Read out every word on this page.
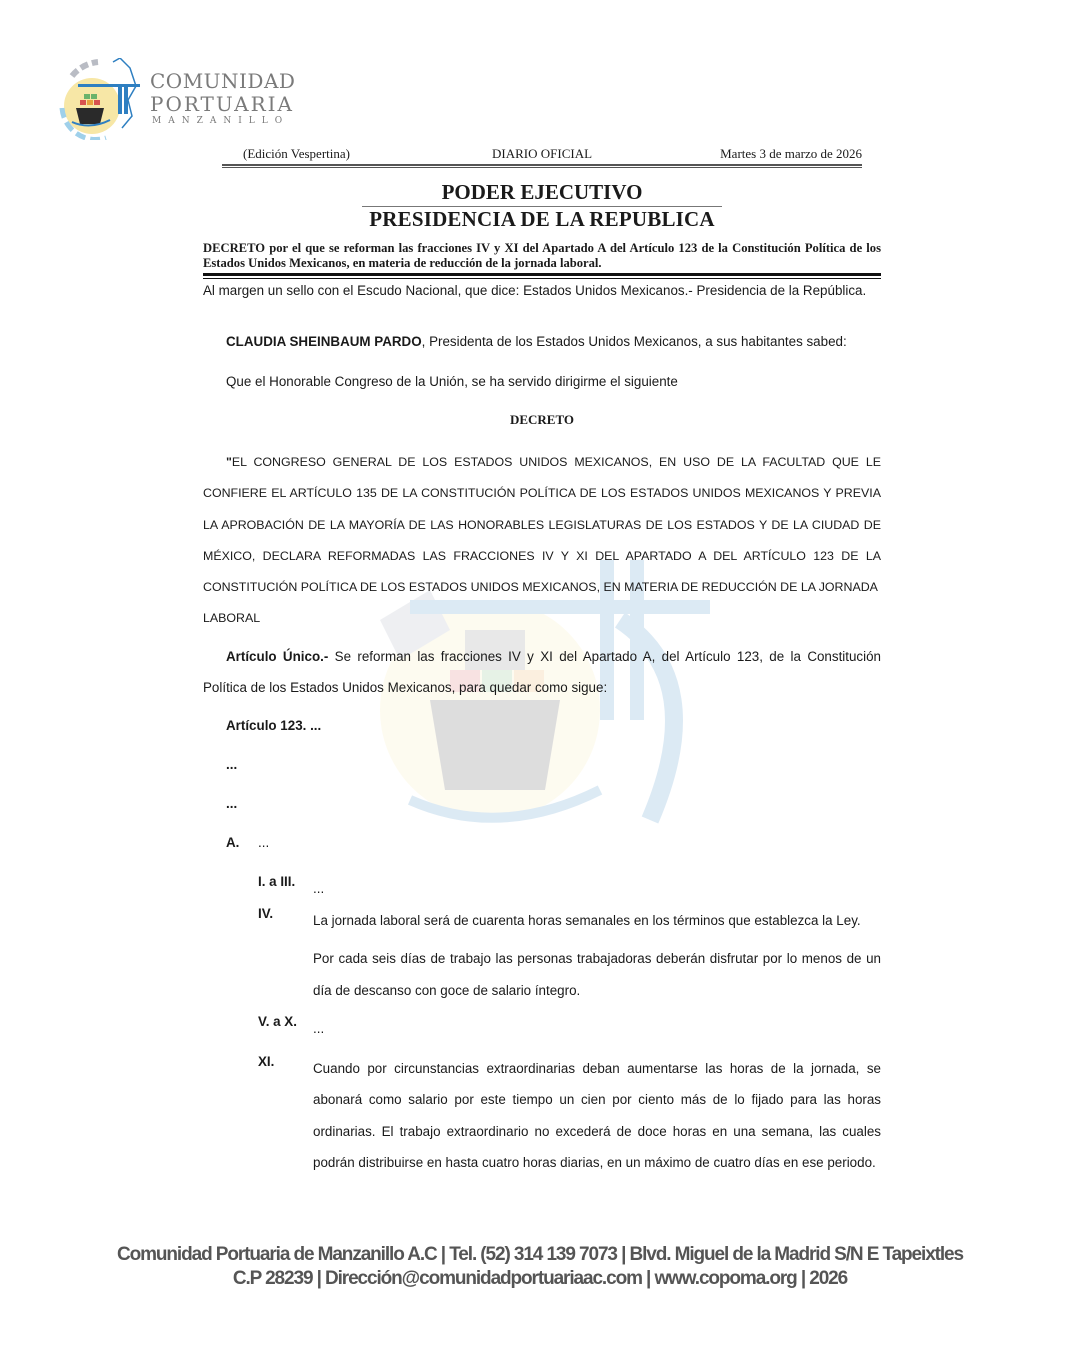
COMUNIDAD
PORTUARIA
MANZANILLO
(Edición Vespertina)	DIARIO OFICIAL	Martes 3 de marzo de 2026
PODER EJECUTIVO
PRESIDENCIA DE LA REPUBLICA
DECRETO por el que se reforman las fracciones IV y XI del Apartado A del Artículo 123 de la Constitución Política de los Estados Unidos Mexicanos, en materia de reducción de la jornada laboral.
Al margen un sello con el Escudo Nacional, que dice: Estados Unidos Mexicanos.- Presidencia de la República.
CLAUDIA SHEINBAUM PARDO, Presidenta de los Estados Unidos Mexicanos, a sus habitantes sabed:
Que el Honorable Congreso de la Unión, se ha servido dirigirme el siguiente
DECRETO
"EL CONGRESO GENERAL DE LOS ESTADOS UNIDOS MEXICANOS, EN USO DE LA FACULTAD QUE LE CONFIERE EL ARTÍCULO 135 DE LA CONSTITUCIÓN POLÍTICA DE LOS ESTADOS UNIDOS MEXICANOS Y PREVIA LA APROBACIÓN DE LA MAYORÍA DE LAS HONORABLES LEGISLATURAS DE LOS ESTADOS Y DE LA CIUDAD DE MÉXICO, DECLARA REFORMADAS LAS FRACCIONES IV Y XI DEL APARTADO A DEL ARTÍCULO 123 DE LA CONSTITUCIÓN POLÍTICA DE LOS ESTADOS UNIDOS MEXICANOS, EN MATERIA DE REDUCCIÓN DE LA JORNADA
LABORAL
Artículo Único.- Se reforman las fracciones IV y XI del Apartado A, del Artículo 123, de la Constitución Política de los Estados Unidos Mexicanos, para quedar como sigue:
Artículo 123. ...
...
...
A. ...
I. a III. ...
IV.	La jornada laboral será de cuarenta horas semanales en los términos que establezca la Ley.
Por cada seis días de trabajo las personas trabajadoras deberán disfrutar por lo menos de un día de descanso con goce de salario íntegro.
V. a X. ...
XI.	Cuando por circunstancias extraordinarias deban aumentarse las horas de la jornada, se abonará como salario por este tiempo un cien por ciento más de lo fijado para las horas ordinarias. El trabajo extraordinario no excederá de doce horas en una semana, las cuales podrán distribuirse en hasta cuatro horas diarias, en un máximo de cuatro días en ese periodo.
Comunidad Portuaria de Manzanillo A.C | Tel. (52) 314 139 7073 | Blvd. Miguel de la Madrid S/N E Tapeixtles
C.P 28239 | Dirección@comunidadportuariaac.com | www.copoma.org | 2026
